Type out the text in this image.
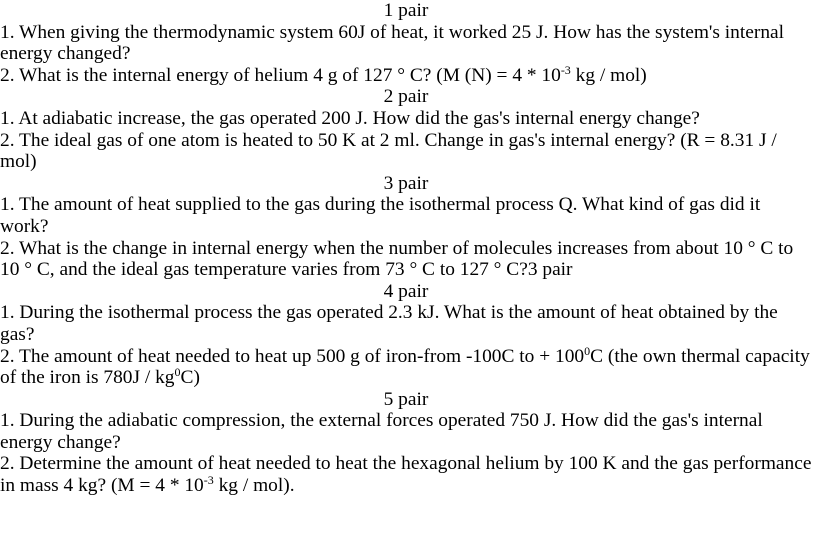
1 pair

1. When giving the thermodynamic system 60J of heat, it worked 25 J. How has the system's internal energy changed?

2. What is the internal energy of helium 4 g of 127 ° C? (M $(N) = 4 * 10^{-3}$ kg / mol)

2 pair

1. At adiabatic increase, the gas operated 200 J. How did the gas's internal energy change?

2. The ideal gas of one atom is heated to 50 K at 2 ml. Change in gas's internal energy? (R = 8.31 J / mol)

3 pair

1. The amount of heat supplied to the gas during the isothermal process Q. What kind of gas did it work?

2. What is the change in internal energy when the number of molecules increases from about 10 ° C to 10 ° C, and the ideal gas temperature varies from 73 ° C to 127 ° C?3 pair

4 pair

1. During the isothermal process the gas operated 2.3 kJ. What is the amount of heat obtained by the gas?

2. The amount of heat needed to heat up 500 g of iron-from -100C to + $100^0C$ (the own thermal capacity of the iron is $780J / kg^0C$)

5 pair

1. During the adiabatic compression, the external forces operated 750 J. How did the gas's internal energy change?

2. Determine the amount of heat needed to heat the hexagonal helium by 100 K and the gas performance in mass 4 kg? ($M = 4 * 10^{-3}$ kg / mol).
